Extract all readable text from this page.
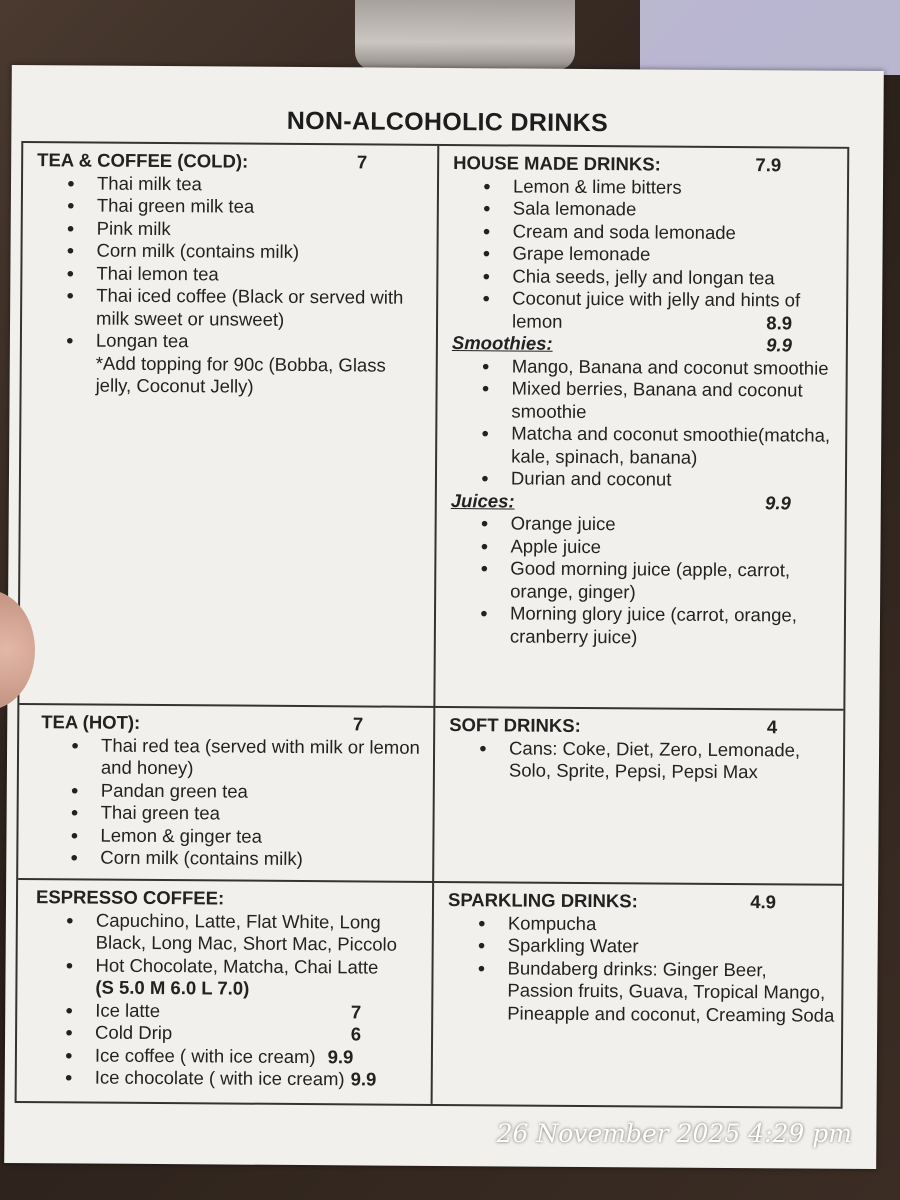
NON-ALCOHOLIC DRINKS
TEA & COFFEE (COLD):	7
● Thai milk tea
● Thai green milk tea
● Pink milk
● Corn milk (contains milk)
● Thai lemon tea
● Thai iced coffee (Black or served with milk sweet or unsweet)
● Longan tea
*Add topping for 90c (Bobba, Glass jelly, Coconut Jelly)
HOUSE MADE DRINKS:	7.9
● Lemon & lime bitters
● Sala lemonade
● Cream and soda lemonade
● Grape lemonade
● Chia seeds, jelly and longan tea
● Coconut juice with jelly and hints of lemon	8.9
Smoothies:	9.9
● Mango, Banana and coconut smoothie
● Mixed berries, Banana and coconut smoothie
● Matcha and coconut smoothie(matcha, kale, spinach, banana)
● Durian and coconut
Juices:	9.9
● Orange juice
● Apple juice
● Good morning juice (apple, carrot, orange, ginger)
● Morning glory juice (carrot, orange, cranberry juice)
TEA (HOT):	7
● Thai red tea (served with milk or lemon and honey)
● Pandan green tea
● Thai green tea
● Lemon & ginger tea
● Corn milk (contains milk)
SOFT DRINKS:	4
● Cans: Coke, Diet, Zero, Lemonade, Solo, Sprite, Pepsi, Pepsi Max
ESPRESSO COFFEE:
● Capuchino, Latte, Flat White, Long Black, Long Mac, Short Mac, Piccolo
● Hot Chocolate, Matcha, Chai Latte
(S 5.0 M 6.0 L 7.0)
● Ice latte	7
● Cold Drip	6
● Ice coffee ( with ice cream) 9.9
● Ice chocolate ( with ice cream) 9.9
SPARKLING DRINKS:	4.9
● Kompucha
● Sparkling Water
● Bundaberg drinks: Ginger Beer, Passion fruits, Guava, Tropical Mango, Pineapple and coconut, Creaming Soda
26 November 2025 4:29 pm
